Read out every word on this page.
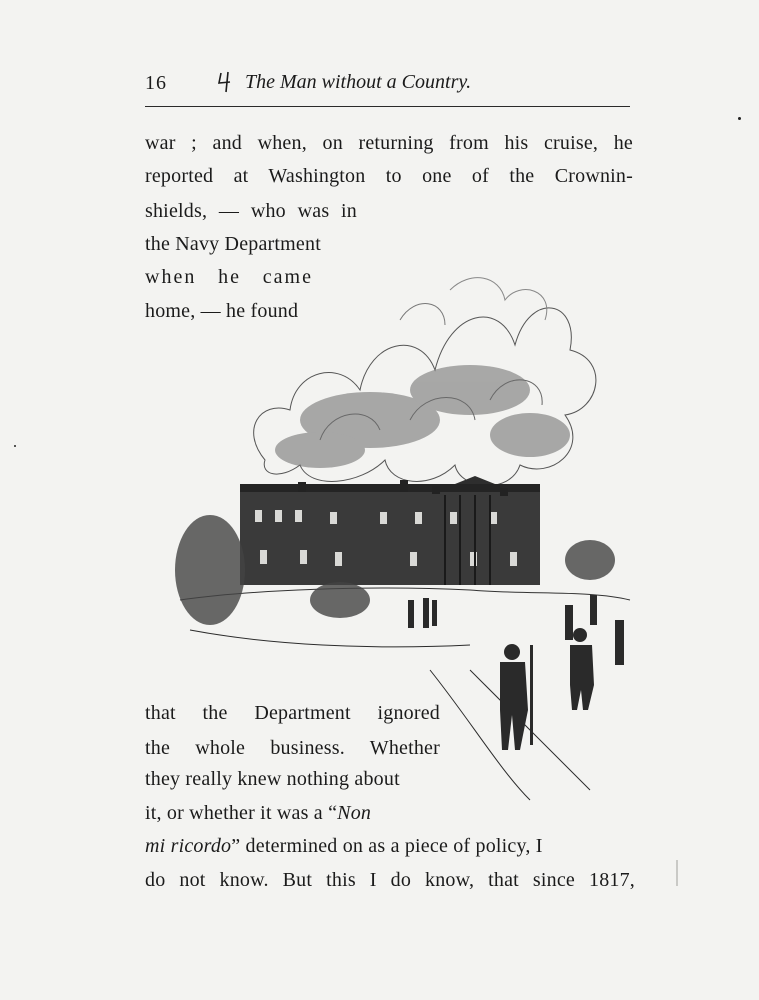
16	The Man without a Country.
war ; and when, on returning from his cruise, he
reported at Washington to one of the Crownin-
shields, — who was in
the Navy Department
when he came
home, — he found
that the Department ignored
the whole business. Whether
they really knew nothing about
it, or whether it was a “Non
mi ricordo” determined on as a piece of policy, I
do not know. But this I do know, that since 1817,
